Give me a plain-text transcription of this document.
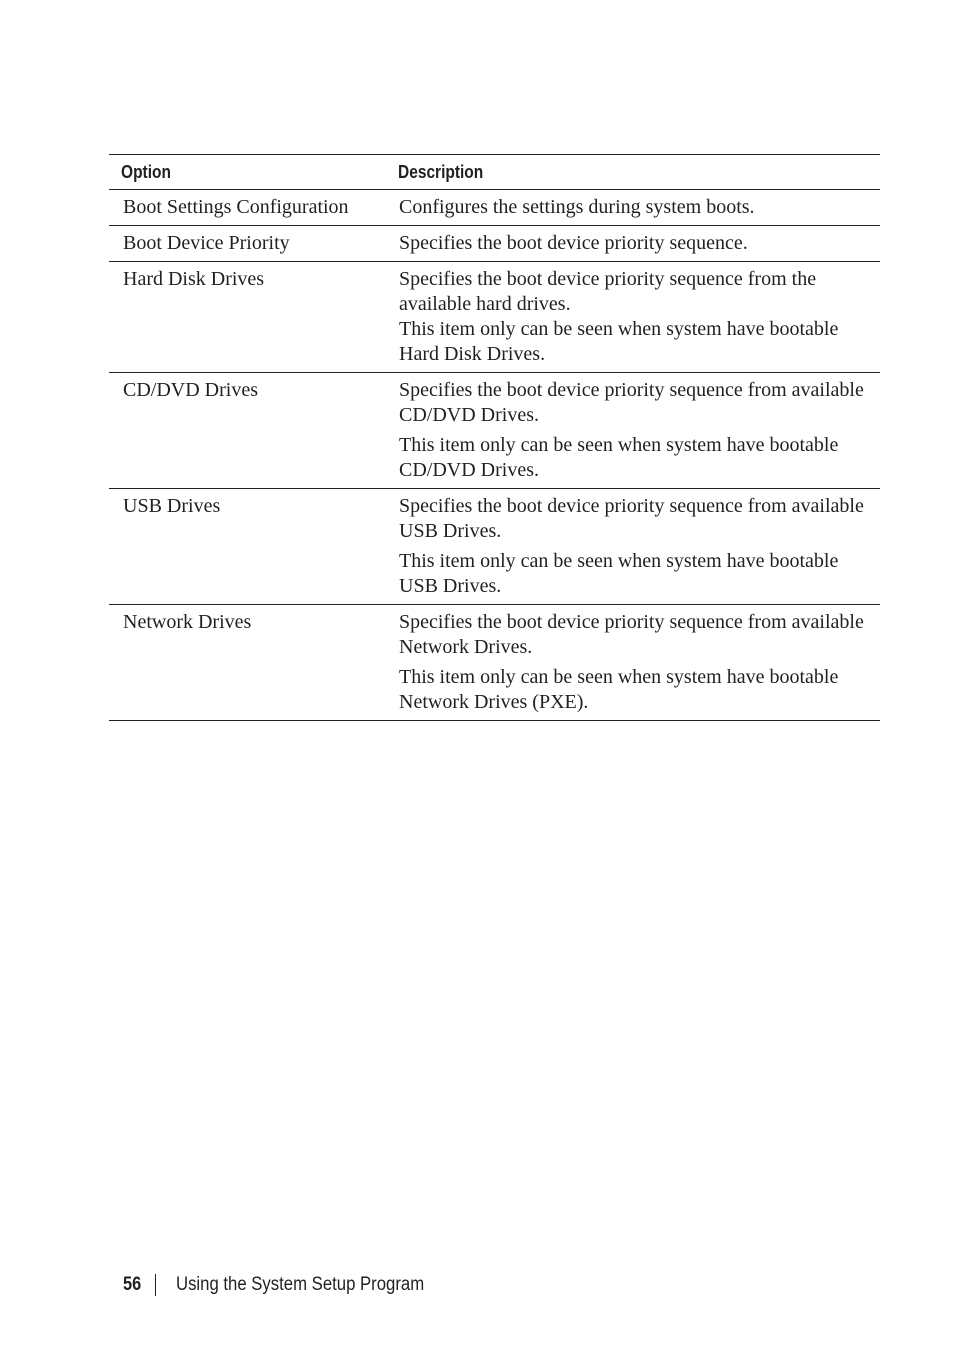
Option	Description
Boot Settings Configuration	Configures the settings during system boots.

Boot Device Priority	Specifies the boot device priority sequence.

Hard Disk Drives	Specifies the boot device priority sequence from the available hard drives.

This item only can be seen when system have bootable Hard Disk Drives.

CD/DVD Drives	Specifies the boot device priority sequence from available CD/DVD Drives.

This item only can be seen when system have bootable CD/DVD Drives.

USB Drives	Specifies the boot device priority sequence from available USB Drives.

This item only can be seen when system have bootable USB Drives.

Network Drives	Specifies the boot device priority sequence from available Network Drives.

This item only can be seen when system have bootable Network Drives (PXE).

56 Using the System Setup Program
